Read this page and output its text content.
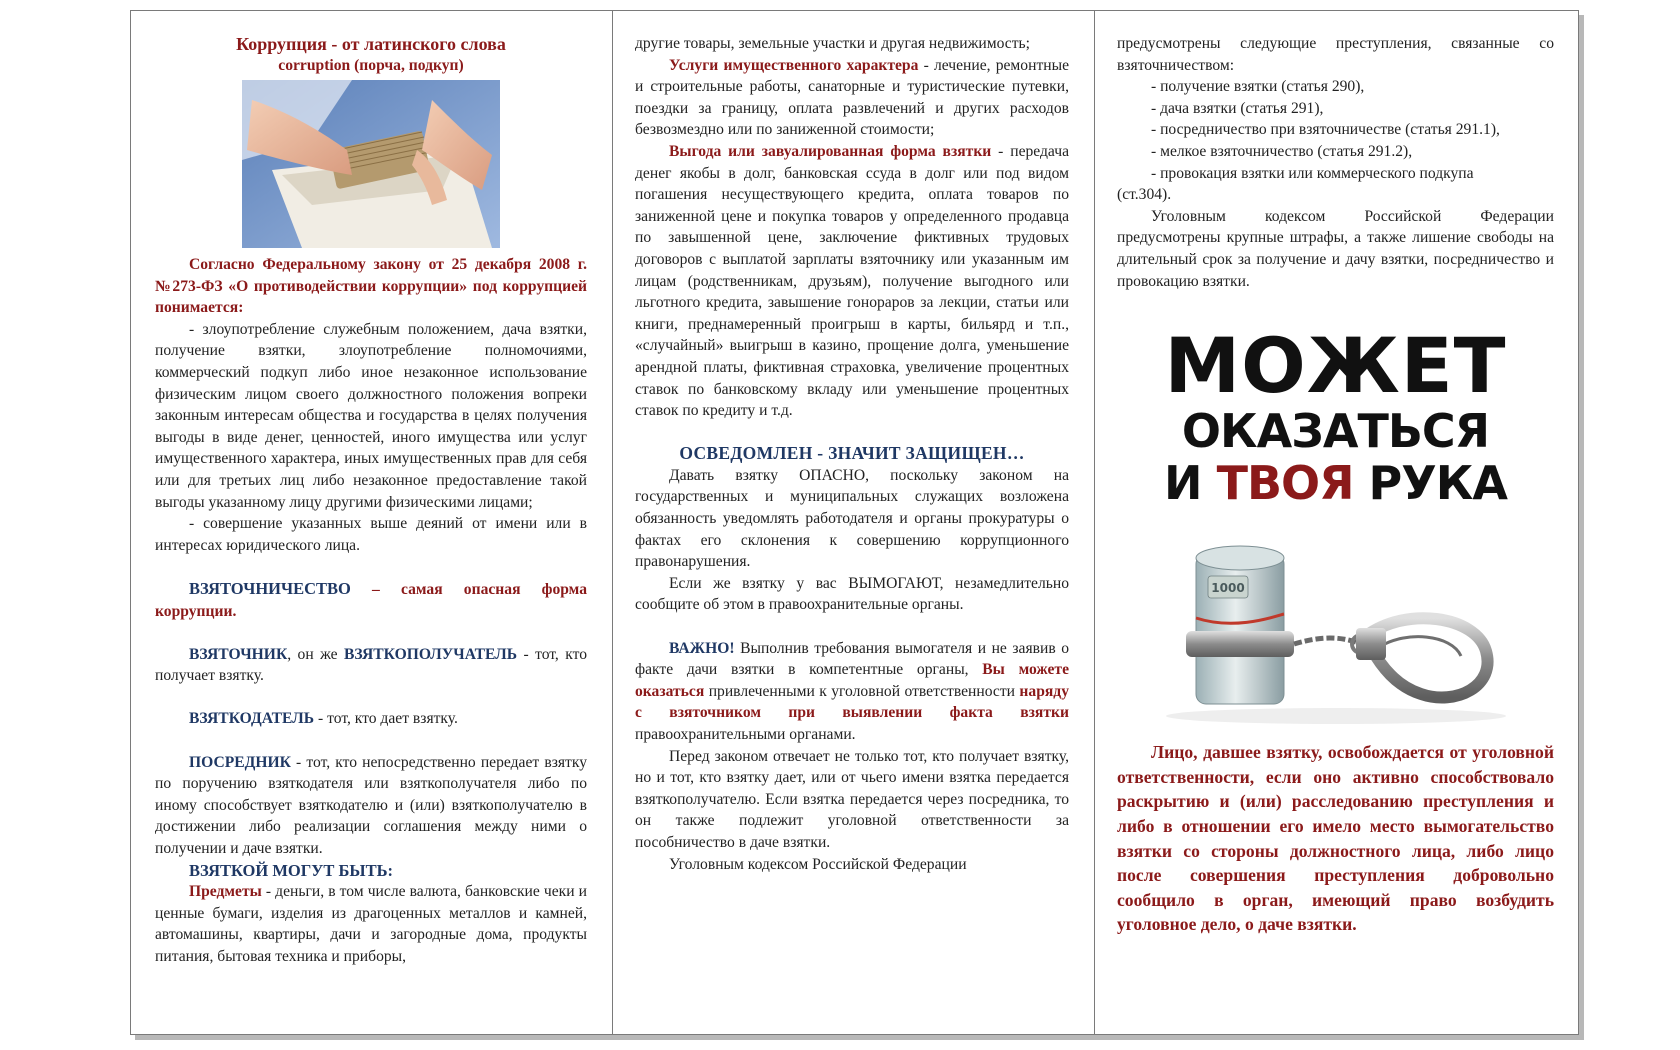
Коррупция - от латинского слова

corruption (порча, подкуп)

Согласно Федеральному закону от 25 декабря 2008 г. №273-ФЗ «О противодействии коррупции» под коррупцией понимается:

- злоупотребление служебным положением, дача взятки, получение взятки, злоупотребление полномочиями, коммерческий подкуп либо иное незаконное использование физическим лицом своего должностного положения вопреки законным интересам общества и государства в целях получения выгоды в виде денег, ценностей, иного имущества или услуг имущественного характера, иных имущественных прав для себя или для третьих лиц либо незаконное предоставление такой выгоды указанному лицу другими физическими лицами;

- совершение указанных выше деяний от имени или в интересах юридического лица.

ВЗЯТОЧНИЧЕСТВО – самая опасная форма коррупции.

ВЗЯТОЧНИК, он же ВЗЯТКОПОЛУЧАТЕЛЬ - тот, кто получает взятку.

ВЗЯТКОДАТЕЛЬ - тот, кто дает взятку.

ПОСРЕДНИК - тот, кто непосредственно передает взятку по поручению взяткодателя или взяткополучателя либо по иному способствует взяткодателю и (или) взяткополучателю в достижении либо реализации соглашения между ними о получении и даче взятки.

ВЗЯТКОЙ МОГУТ БЫТЬ:

Предметы - деньги, в том числе валюта, банковские чеки и ценные бумаги, изделия из драгоценных металлов и камней, автомашины, квартиры, дачи и загородные дома, продукты питания, бытовая техника и приборы,

другие товары, земельные участки и другая недвижимость;

Услуги имущественного характера - лечение, ремонтные и строительные работы, санаторные и туристические путевки, поездки за границу, оплата развлечений и других расходов безвозмездно или по заниженной стоимости;

Выгода или завуалированная форма взятки - передача денег якобы в долг, банковская ссуда в долг или под видом погашения несуществующего кредита, оплата товаров по заниженной цене и покупка товаров у определенного продавца по завышенной цене, заключение фиктивных трудовых договоров с выплатой зарплаты взяточнику или указанным им лицам (родственникам, друзьям), получение выгодного или льготного кредита, завышение гонораров за лекции, статьи или книги, преднамеренный проигрыш в карты, бильярд и т.п., «случайный» выигрыш в казино, прощение долга, уменьшение арендной платы, фиктивная страховка, увеличение процентных ставок по банковскому вкладу или уменьшение процентных ставок по кредиту и т.д.

ОСВЕДОМЛЕН - ЗНАЧИТ ЗАЩИЩЕН…

Давать взятку ОПАСНО, поскольку законом на государственных и муниципальных служащих возложена обязанность уведомлять работодателя и органы прокуратуры о фактах его склонения к совершению коррупционного правонарушения.

Если же взятку у вас ВЫМОГАЮТ, незамедлительно сообщите об этом в правоохранительные органы.

ВАЖНО! Выполнив требования вымогателя и не заявив о факте дачи взятки в компетентные органы, Вы можете оказаться привлеченными к уголовной ответственности наряду с взяточником при выявлении факта взятки правоохранительными органами.

Перед законом отвечает не только тот, кто получает взятку, но и тот, кто взятку дает, или от чьего имени взятка передается взяткополучателю. Если взятка передается через посредника, то он также подлежит уголовной ответственности за пособничество в даче взятки.

Уголовным кодексом Российской Федерации

предусмотрены следующие преступления, связанные со взяточничеством:

- получение взятки (статья 290),

- дача взятки (статья 291),

- посредничество при взяточничестве (статья 291.1),

- мелкое взяточничество (статья 291.2),

- провокация взятки или коммерческого подкупа

(ст.304).

Уголовным кодексом Российской Федерации предусмотрены крупные штрафы, а также лишение свободы на длительный срок за получение и дачу взятки, посредничество и провокацию взятки.

МОЖЕТ
ОКАЗАТЬСЯ
И ТВОЯ РУКА
1000

Лицо, давшее взятку, освобождается от уголовной ответственности, если оно активно способствовало раскрытию и (или) расследованию преступления и либо в отношении его имело место вымогательство взятки со стороны должностного лица, либо лицо после совершения преступления добровольно сообщило в орган, имеющий право возбудить уголовное дело, о даче взятки.
